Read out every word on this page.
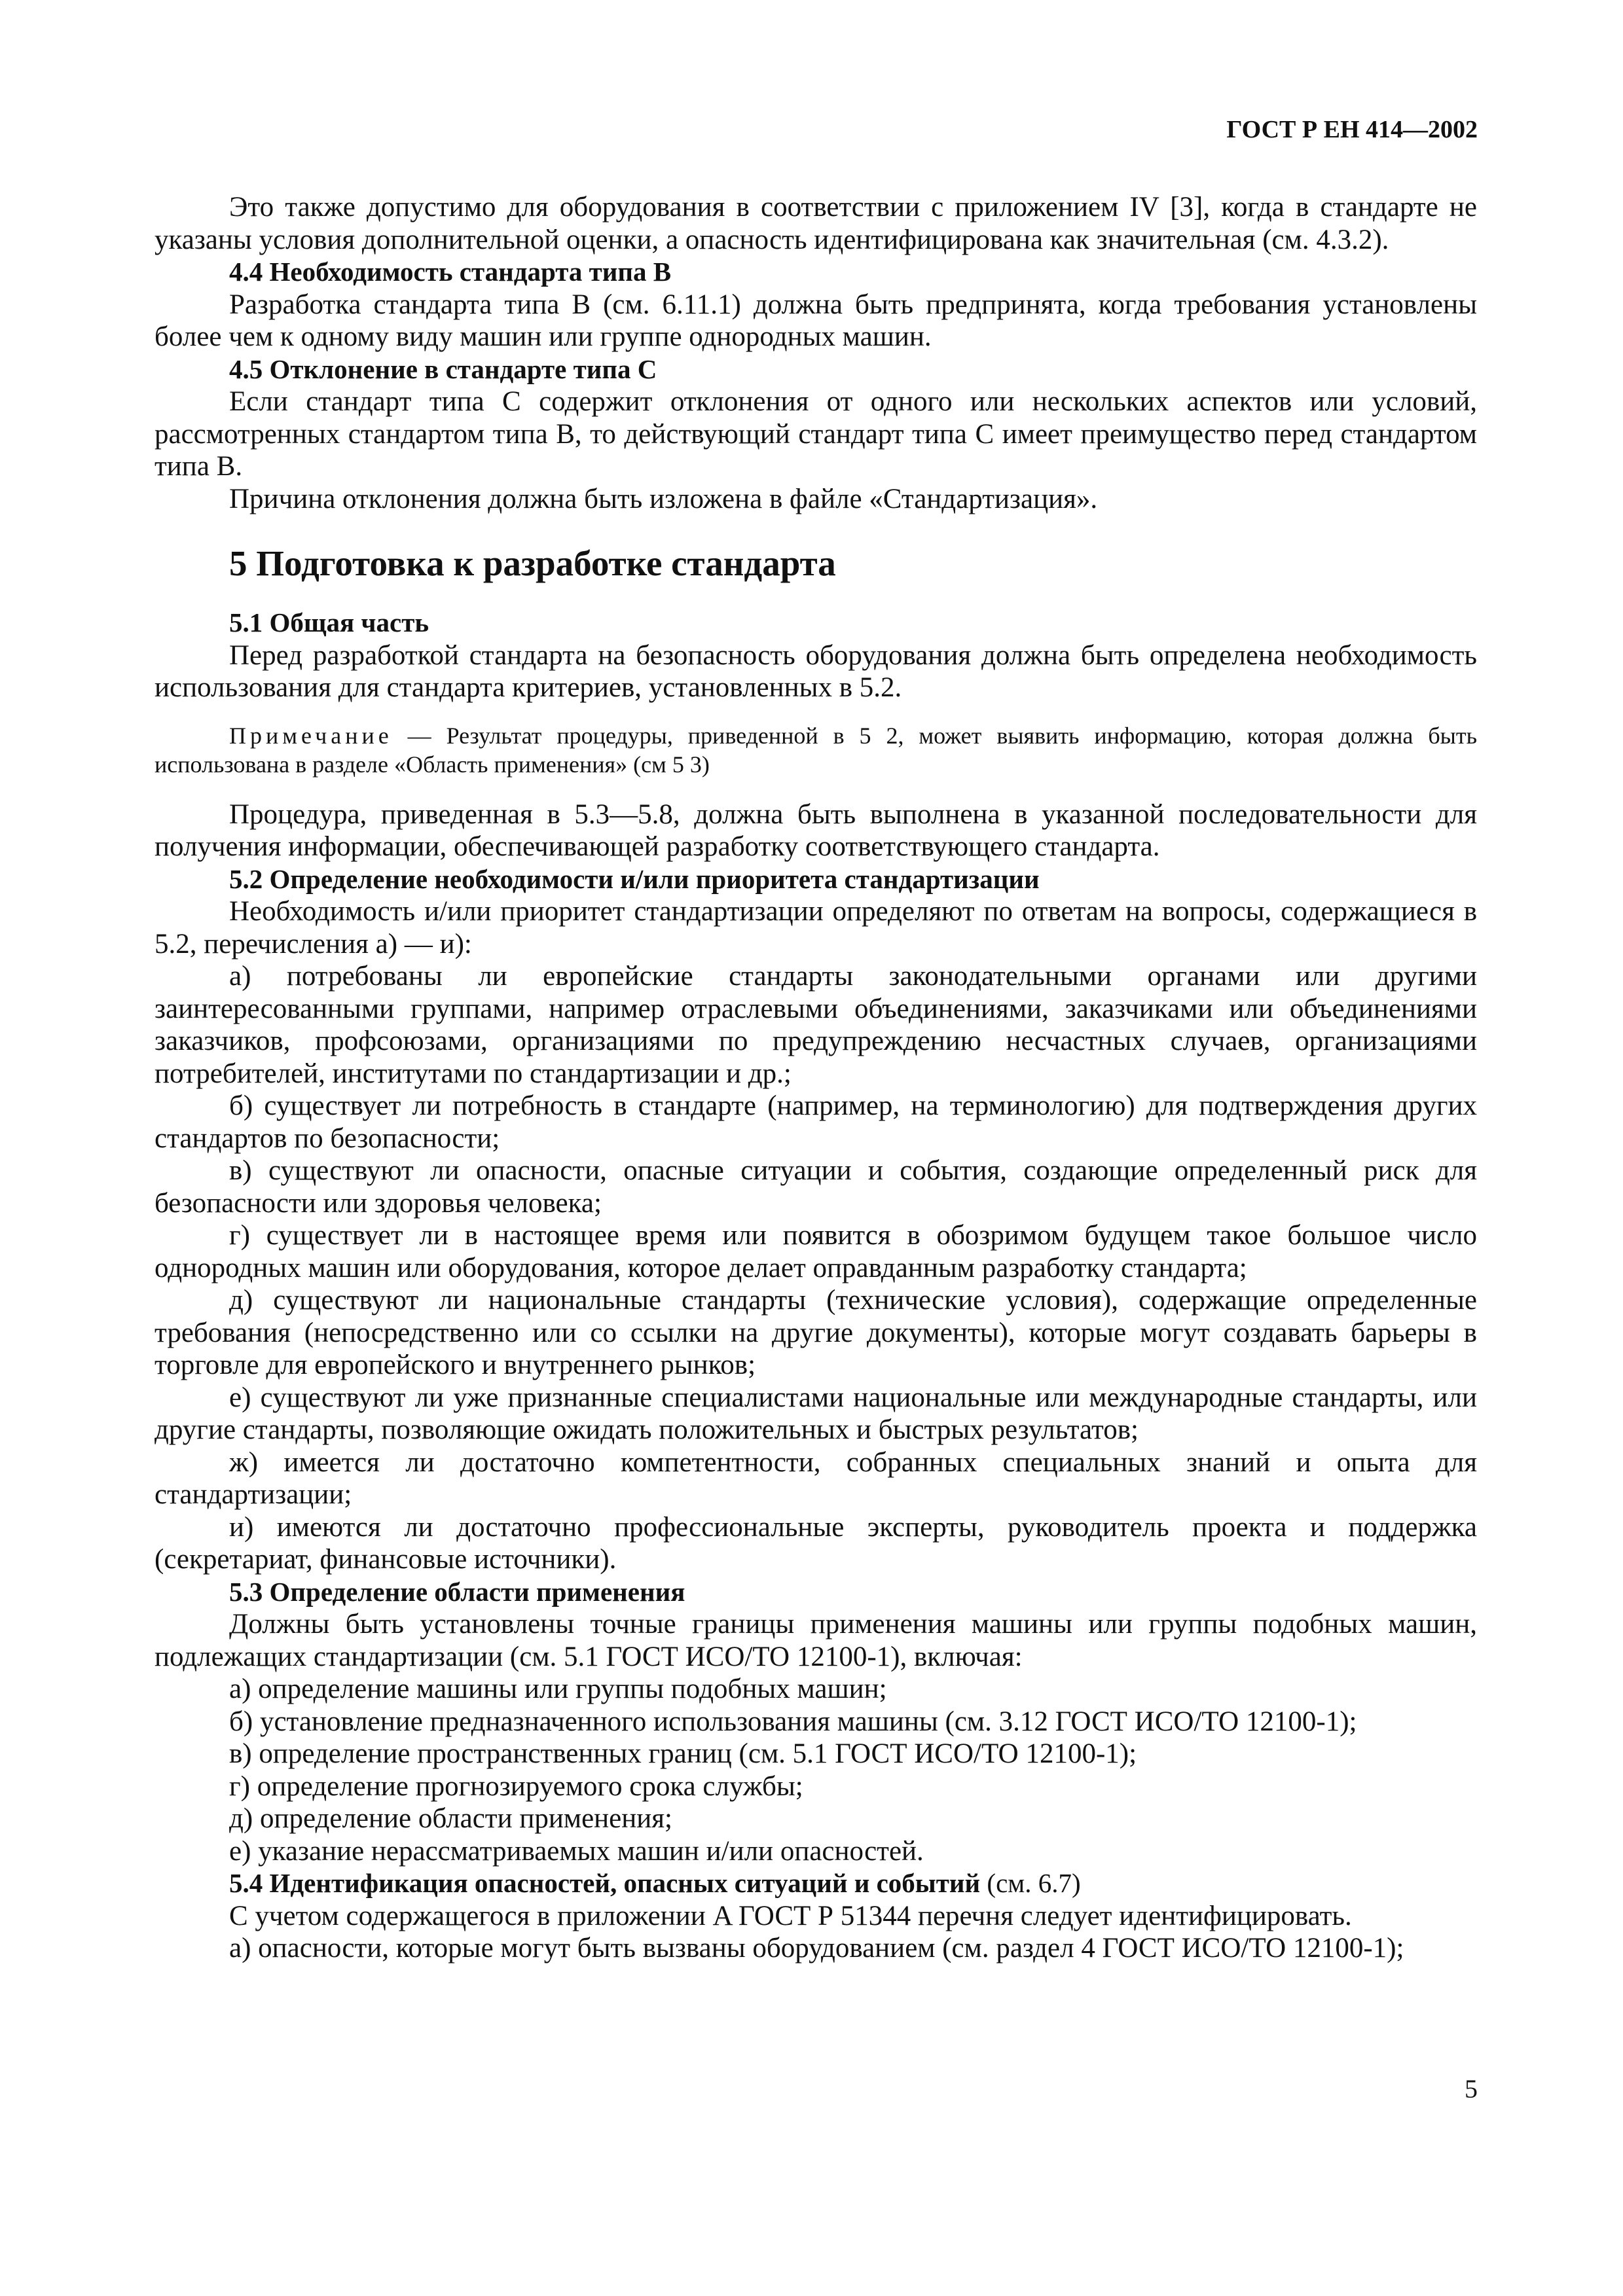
ГОСТ Р ЕН 414—2002
Это также допустимо для оборудования в соответствии с приложением IV [3], когда в стандарте не указаны условия дополнительной оценки, а опасность идентифицирована как значительная (см. 4.3.2).
4.4 Необходимость стандарта типа B
Разработка стандарта типа B (см. 6.11.1) должна быть предпринята, когда требования установлены более чем к одному виду машин или группе однородных машин.
4.5 Отклонение в стандарте типа C
Если стандарт типа C содержит отклонения от одного или нескольких аспектов или условий, рассмотренных стандартом типа B, то действующий стандарт типа C имеет преимущество перед стандартом типа B.
Причина отклонения должна быть изложена в файле «Стандартизация».
5 Подготовка к разработке стандарта
5.1 Общая часть
Перед разработкой стандарта на безопасность оборудования должна быть определена необходимость использования для стандарта критериев, установленных в 5.2.
Примечание — Результат процедуры, приведенной в 5 2, может выявить информацию, которая должна быть использована в разделе «Область применения» (см 5 3)
Процедура, приведенная в 5.3—5.8, должна быть выполнена в указанной последовательности для получения информации, обеспечивающей разработку соответствующего стандарта.
5.2 Определение необходимости и/или приоритета стандартизации
Необходимость и/или приоритет стандартизации определяют по ответам на вопросы, содержащиеся в 5.2, перечисления а) — и):
а) потребованы ли европейские стандарты законодательными органами или другими заинтересованными группами, например отраслевыми объединениями, заказчиками или объединениями заказчиков, профсоюзами, организациями по предупреждению несчастных случаев, организациями потребителей, институтами по стандартизации и др.;
б) существует ли потребность в стандарте (например, на терминологию) для подтверждения других стандартов по безопасности;
в) существуют ли опасности, опасные ситуации и события, создающие определенный риск для безопасности или здоровья человека;
г) существует ли в настоящее время или появится в обозримом будущем такое большое число однородных машин или оборудования, которое делает оправданным разработку стандарта;
д) существуют ли национальные стандарты (технические условия), содержащие определенные требования (непосредственно или со ссылки на другие документы), которые могут создавать барьеры в торговле для европейского и внутреннего рынков;
е) существуют ли уже признанные специалистами национальные или международные стандарты, или другие стандарты, позволяющие ожидать положительных и быстрых результатов;
ж) имеется ли достаточно компетентности, собранных специальных знаний и опыта для стандартизации;
и) имеются ли достаточно профессиональные эксперты, руководитель проекта и поддержка (секретариат, финансовые источники).
5.3 Определение области применения
Должны быть установлены точные границы применения машины или группы подобных машин, подлежащих стандартизации (см. 5.1 ГОСТ ИСО/ТО 12100-1), включая:
а) определение машины или группы подобных машин;
б) установление предназначенного использования машины (см. 3.12 ГОСТ ИСО/ТО 12100-1);
в) определение пространственных границ (см. 5.1 ГОСТ ИСО/ТО 12100-1);
г) определение прогнозируемого срока службы;
д) определение области применения;
е) указание нерассматриваемых машин и/или опасностей.
5.4 Идентификация опасностей, опасных ситуаций и событий (см. 6.7)
С учетом содержащегося в приложении A ГОСТ Р 51344 перечня следует идентифицировать.
а) опасности, которые могут быть вызваны оборудованием (см. раздел 4 ГОСТ ИСО/ТО 12100-1);
5
